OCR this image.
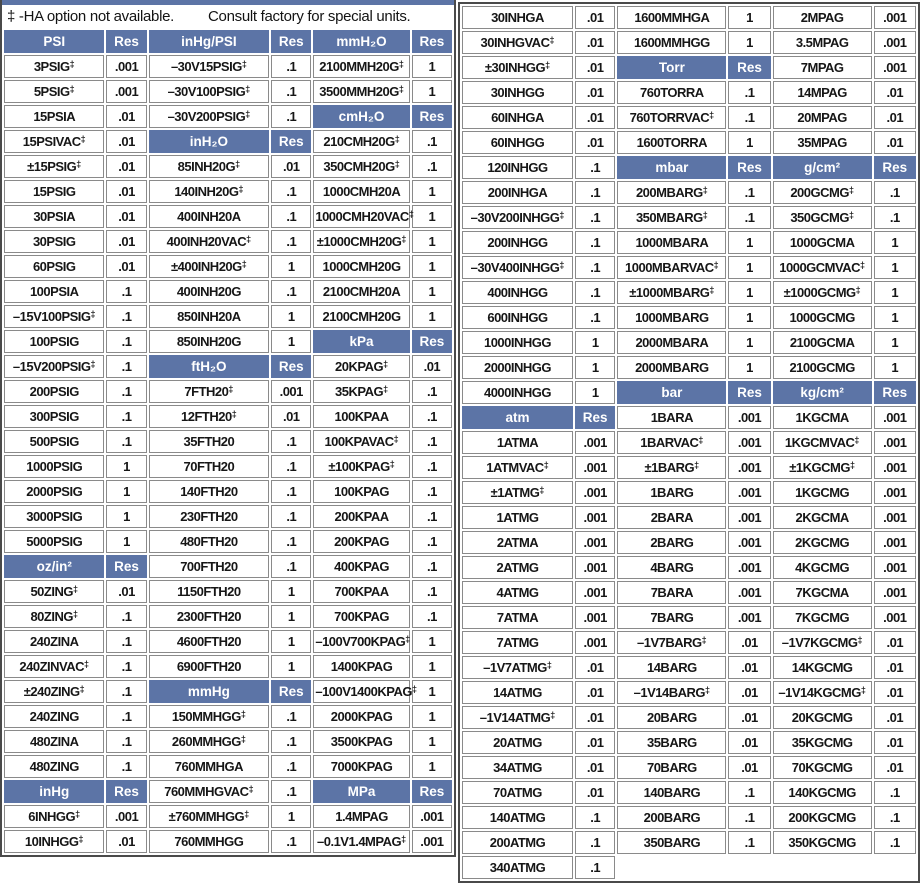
‡ -HA option not available. Consult factory for special units.
PSI	Res	inHg/PSI	Res	mmH₂O	Res
3PSIG‡	.001	–30V15PSIG‡	.1	2100MMH20G‡	1
5PSIG‡	.001	–30V100PSIG‡	.1	3500MMH20G‡	1
15PSIA	.01	–30V200PSIG‡	.1	cmH₂O	Res
15PSIVAC‡	.01	inH₂O	Res	210CMH20G‡	.1
±15PSIG‡	.01	85INH20G‡	.01	350CMH20G‡	.1
15PSIG	.01	140INH20G‡	.1	1000CMH20A	1
30PSIA	.01	400INH20A	.1	1000CMH20VAC‡	1
30PSIG	.01	400INH20VAC‡	.1	±1000CMH20G‡	1
60PSIG	.01	±400INH20G‡	1	1000CMH20G	1
100PSIA	.1	400INH20G	.1	2100CMH20A	1
–15V100PSIG‡	.1	850INH20A	1	2100CMH20G	1
100PSIG	.1	850INH20G	1	kPa	Res
–15V200PSIG‡	.1	ftH₂O	Res	20KPAG‡	.01
200PSIG	.1	7FTH20‡	.001	35KPAG‡	.1
300PSIG	.1	12FTH20‡	.01	100KPAA	.1
500PSIG	.1	35FTH20	.1	100KPAVAC‡	.1
1000PSIG	1	70FTH20	.1	±100KPAG‡	.1
2000PSIG	1	140FTH20	.1	100KPAG	.1
3000PSIG	1	230FTH20	.1	200KPAA	.1
5000PSIG	1	480FTH20	.1	200KPAG	.1
oz/in²	Res	700FTH20	.1	400KPAG	.1
50ZING‡	.01	1150FTH20	1	700KPAA	.1
80ZING‡	.1	2300FTH20	1	700KPAG	.1
240ZINA	.1	4600FTH20	1	–100V700KPAG‡	1
240ZINVAC‡	.1	6900FTH20	1	1400KPAG	1
±240ZING‡	.1	mmHg	Res	–100V1400KPAG‡	1
240ZING	.1	150MMHGG‡	.1	2000KPAG	1
480ZINA	.1	260MMHGG‡	.1	3500KPAG	1
480ZING	.1	760MMHGA	.1	7000KPAG	1
inHg	Res	760MMHGVAC‡	.1	MPa	Res
6INHGG‡	.001	±760MMHGG‡	1	1.4MPAG	.001
10INHGG‡	.01	760MMHGG	.1	–0.1V1.4MPAG‡	.001
30INHGA	.01	1600MMHGA	1	2MPAG	.001
30INHGVAC‡	.01	1600MMHGG	1	3.5MPAG	.001
±30INHGG‡	.01	Torr	Res	7MPAG	.001
30INHGG	.01	760TORRA	.1	14MPAG	.01
60INHGA	.01	760TORRVAC‡	.1	20MPAG	.01
60INHGG	.01	1600TORRA	1	35MPAG	.01
120INHGG	.1	mbar	Res	g/cm²	Res
200INHGA	.1	200MBARG‡	.1	200GCMG‡	.1
–30V200INHGG‡	.1	350MBARG‡	.1	350GCMG‡	.1
200INHGG	.1	1000MBARA	1	1000GCMA	1
–30V400INHGG‡	.1	1000MBARVAC‡	1	1000GCMVAC‡	1
400INHGG	.1	±1000MBARG‡	1	±1000GCMG‡	1
600INHGG	.1	1000MBARG	1	1000GCMG	1
1000INHGG	1	2000MBARA	1	2100GCMA	1
2000INHGG	1	2000MBARG	1	2100GCMG	1
4000INHGG	1	bar	Res	kg/cm²	Res
atm	Res	1BARA	.001	1KGCMA	.001
1ATMA	.001	1BARVAC‡	.001	1KGCMVAC‡	.001
1ATMVAC‡	.001	±1BARG‡	.001	±1KGCMG‡	.001
±1ATMG‡	.001	1BARG	.001	1KGCMG	.001
1ATMG	.001	2BARA	.001	2KGCMA	.001
2ATMA	.001	2BARG	.001	2KGCMG	.001
2ATMG	.001	4BARG	.001	4KGCMG	.001
4ATMG	.001	7BARA	.001	7KGCMA	.001
7ATMA	.001	7BARG	.001	7KGCMG	.001
7ATMG	.001	–1V7BARG‡	.01	–1V7KGCMG‡	.01
–1V7ATMG‡	.01	14BARG	.01	14KGCMG	.01
14ATMG	.01	–1V14BARG‡	.01	–1V14KGCMG‡	.01
–1V14ATMG‡	.01	20BARG	.01	20KGCMG	.01
20ATMG	.01	35BARG	.01	35KGCMG	.01
34ATMG	.01	70BARG	.01	70KGCMG	.01
70ATMG	.01	140BARG	.1	140KGCMG	.1
140ATMG	.1	200BARG	.1	200KGCMG	.1
200ATMG	.1	350BARG	.1	350KGCMG	.1
340ATMG	.1				
